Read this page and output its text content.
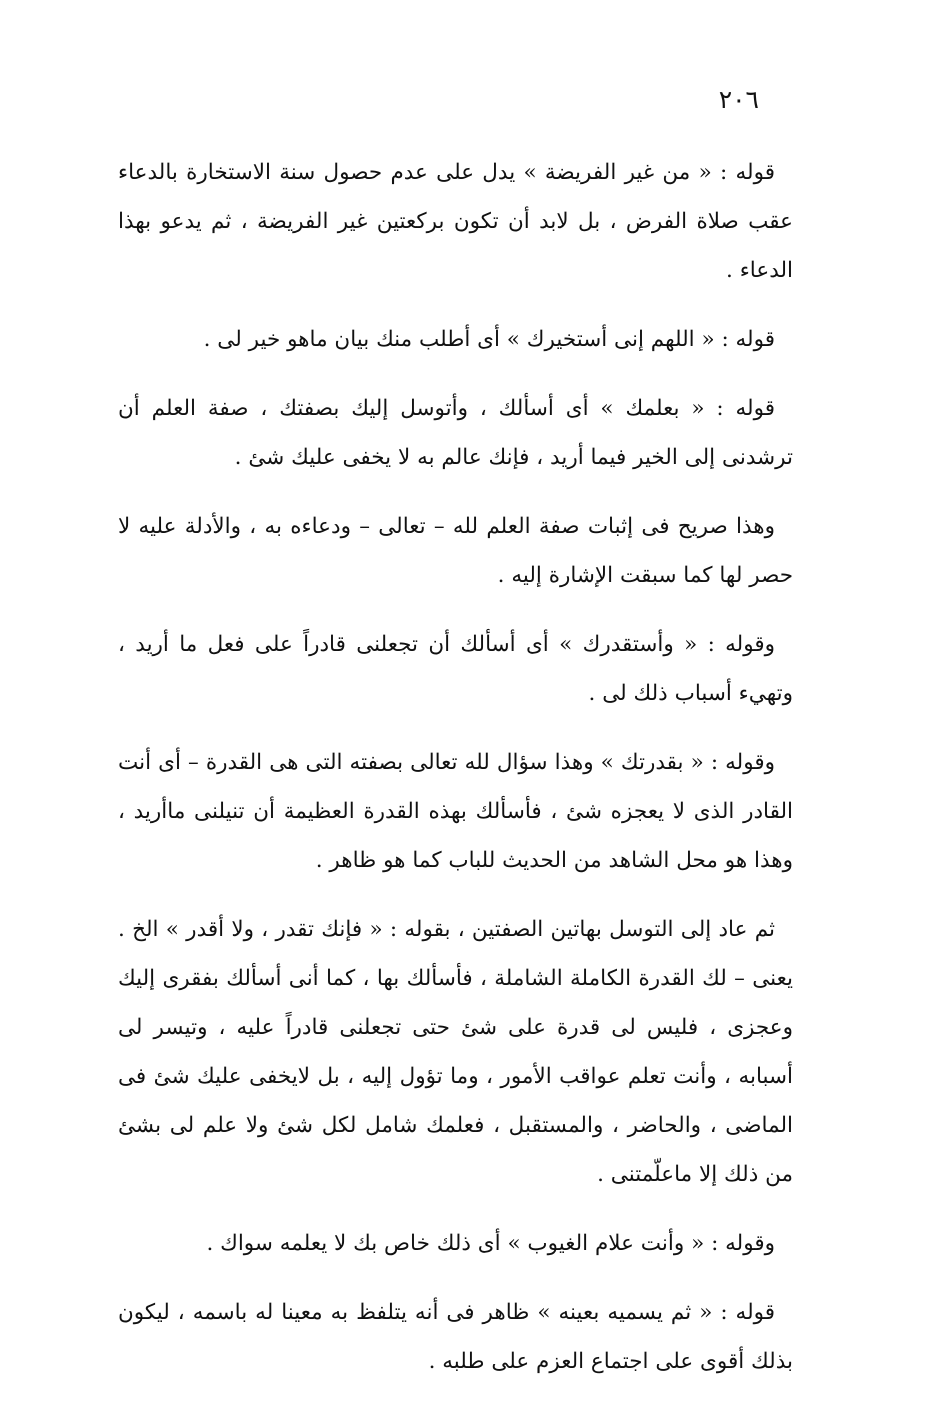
٢٠٦

قوله : « من غير الفريضة » يدل على عدم حصول سنة الاستخارة بالدعاء عقب صلاة الفرض ، بل لابد أن تكون بركعتين غير الفريضة ، ثم يدعو بهذا الدعاء .

قوله : « اللهم إنى أستخيرك » أى أطلب منك بيان ماهو خير لى .

قوله : « بعلمك » أى أسألك ، وأتوسل إليك بصفتك ، صفة العلم أن ترشدنى إلى الخير فيما أريد ، فإنك عالم به لا يخفى عليك شئ .

وهذا صريح فى إثبات صفة العلم لله – تعالى – ودعاءه به ، والأدلة عليه لا حصر لها كما سبقت الإشارة إليه .

وقوله : « وأستقدرك » أى أسألك أن تجعلنى قادراً على فعل ما أريد ، وتهيء أسباب ذلك لى .

وقوله : « بقدرتك » وهذا سؤال لله تعالى بصفته التى هى القدرة – أى أنت القادر الذى لا يعجزه شئ ، فأسألك بهذه القدرة العظيمة أن تنيلنى ماأريد ، وهذا هو محل الشاهد من الحديث للباب كما هو ظاهر .

ثم عاد إلى التوسل بهاتين الصفتين ، بقوله : « فإنك تقدر ، ولا أقدر » الخ . يعنى – لك القدرة الكاملة الشاملة ، فأسألك بها ، كما أنى أسألك بفقرى إليك وعجزى ، فليس لى قدرة على شئ حتى تجعلنى قادراً عليه ، وتيسر لى أسبابه ، وأنت تعلم عواقب الأمور ، وما تؤول إليه ، بل لايخفى عليك شئ فى الماضى ، والحاضر ، والمستقبل ، فعلمك شامل لكل شئ ولا علم لى بشئ من ذلك إلا ماعلّمتنى .

وقوله : « وأنت علام الغيوب » أى ذلك خاص بك لا يعلمه سواك .

قوله : « ثم يسميه بعينه » ظاهر فى أنه يتلفظ به معينا له باسمه ، ليكون بذلك أقوى على اجتماع العزم على طلبه .
